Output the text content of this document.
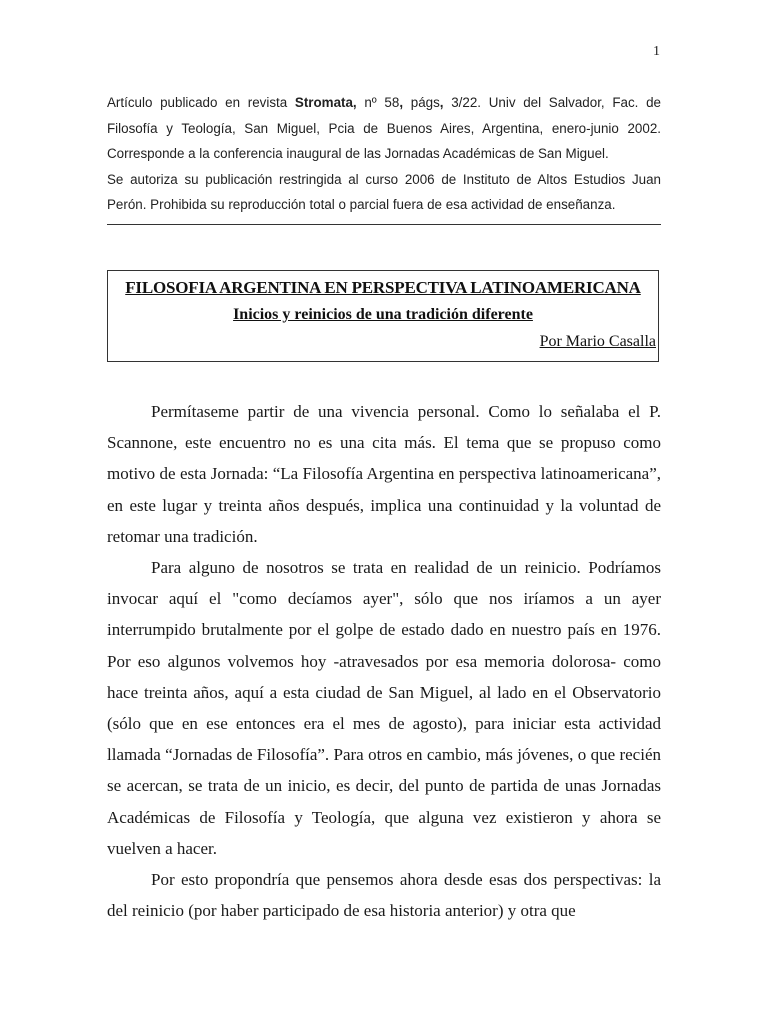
1

Artículo publicado en revista Stromata, nº 58, págs, 3/22. Univ del Salvador, Fac. de Filosofía y Teología, San Miguel, Pcia de Buenos Aires, Argentina, enero-junio 2002. Corresponde a la conferencia inaugural de las Jornadas Académicas de San Miguel.

Se autoriza su publicación restringida al curso 2006 de Instituto de Altos Estudios Juan Perón. Prohibida su reproducción total o parcial fuera de esa actividad de enseñanza.

FILOSOFIA ARGENTINA EN PERSPECTIVA LATINOAMERICANA
Inicios y reinicios de una tradición diferente
Por Mario Casalla

Permítaseme partir de una vivencia personal. Como lo señalaba el P. Scannone, este encuentro no es una cita más. El tema que se propuso como motivo de esta Jornada: “La Filosofía Argentina en perspectiva latinoamericana”, en este lugar y treinta años después, implica una continuidad y la voluntad de retomar una tradición.

Para alguno de nosotros se trata en realidad de un reinicio. Podríamos invocar aquí el "como decíamos ayer", sólo que nos iríamos a un ayer interrumpido brutalmente por el golpe de estado dado en nuestro país en 1976. Por eso algunos volvemos hoy -atravesados por esa memoria dolorosa- como hace treinta años, aquí a esta ciudad de San Miguel, al lado en el Observatorio (sólo que en ese entonces era el mes de agosto), para iniciar esta actividad llamada “Jornadas de Filosofía”. Para otros en cambio, más jóvenes, o que recién se acercan, se trata de un inicio, es decir, del punto de partida de unas Jornadas Académicas de Filosofía y Teología, que alguna vez existieron y ahora se vuelven a hacer.

Por esto propondría que pensemos ahora desde esas dos perspectivas: la del reinicio (por haber participado de esa historia anterior) y otra que
